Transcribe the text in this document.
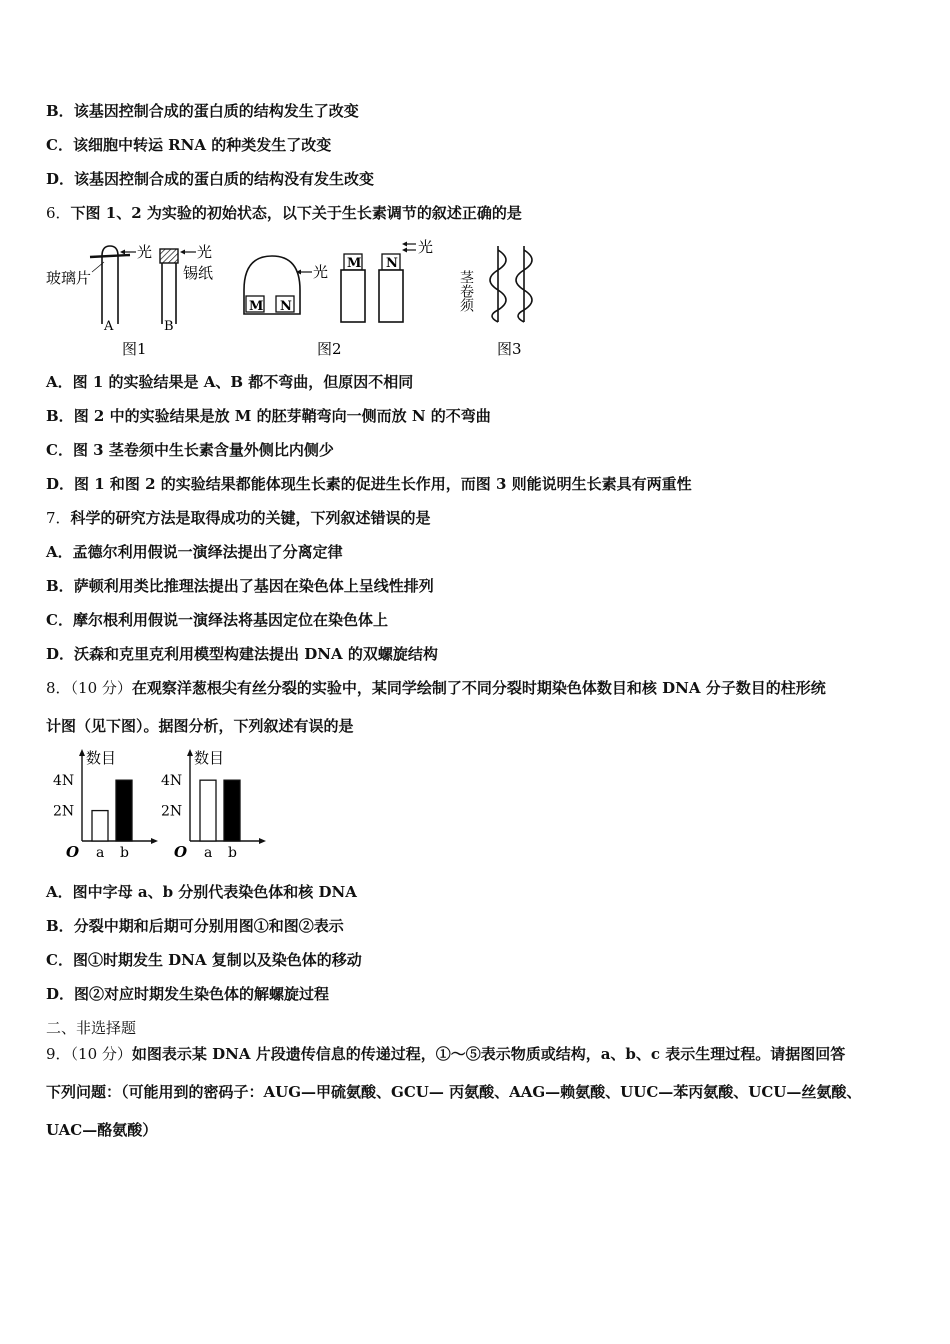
B．该基因控制合成的蛋白质的结构发生了改变
C．该细胞中转运 RNA 的种类发生了改变
D．该基因控制合成的蛋白质的结构没有发生改变
6．下图 1、2 为实验的初始状态，以下关于生长素调节的叙述正确的是
光
玻璃片
A
光
锡纸
B
图1
M N
光 M N
光
图2
茎卷须
图3
A．图 1 的实验结果是 A、B 都不弯曲，但原因不相同
B．图 2 中的实验结果是放 M 的胚芽鞘弯向一侧而放 N 的不弯曲
C．图 3 茎卷须中生长素含量外侧比内侧少
D．图 1 和图 2 的实验结果都能体现生长素的促进生长作用，而图 3 则能说明生长素具有两重性
7．科学的研究方法是取得成功的关键，下列叙述错误的是
A．孟德尔利用假说一演绎法提出了分离定律
B．萨顿利用类比推理法提出了基因在染色体上呈线性排列
C．摩尔根利用假说一演绎法将基因定位在染色体上
D．沃森和克里克利用模型构建法提出 DNA 的双螺旋结构
8．（10 分）在观察洋葱根尖有丝分裂的实验中，某同学绘制了不同分裂时期染色体数目和核 DNA 分子数目的柱形统
计图（见下图）。据图分析，下列叙述有误的是
数目
O
2N
4N
a b
数目
O
2N
4N
a b
A．图中字母 a、b 分别代表染色体和核 DNA
B．分裂中期和后期可分别用图①和图②表示
C．图①时期发生 DNA 复制以及染色体的移动
D．图②对应时期发生染色体的解螺旋过程
二、非选择题
9．（10 分）如图表示某 DNA 片段遗传信息的传递过程，①～⑤表示物质或结构，a、b、c 表示生理过程。请据图回答
下列问题：（可能用到的密码子：AUG—甲硫氨酸、GCU— 丙氨酸、AAG—赖氨酸、UUC—苯丙氨酸、UCU—丝氨酸、
UAC—酪氨酸）
